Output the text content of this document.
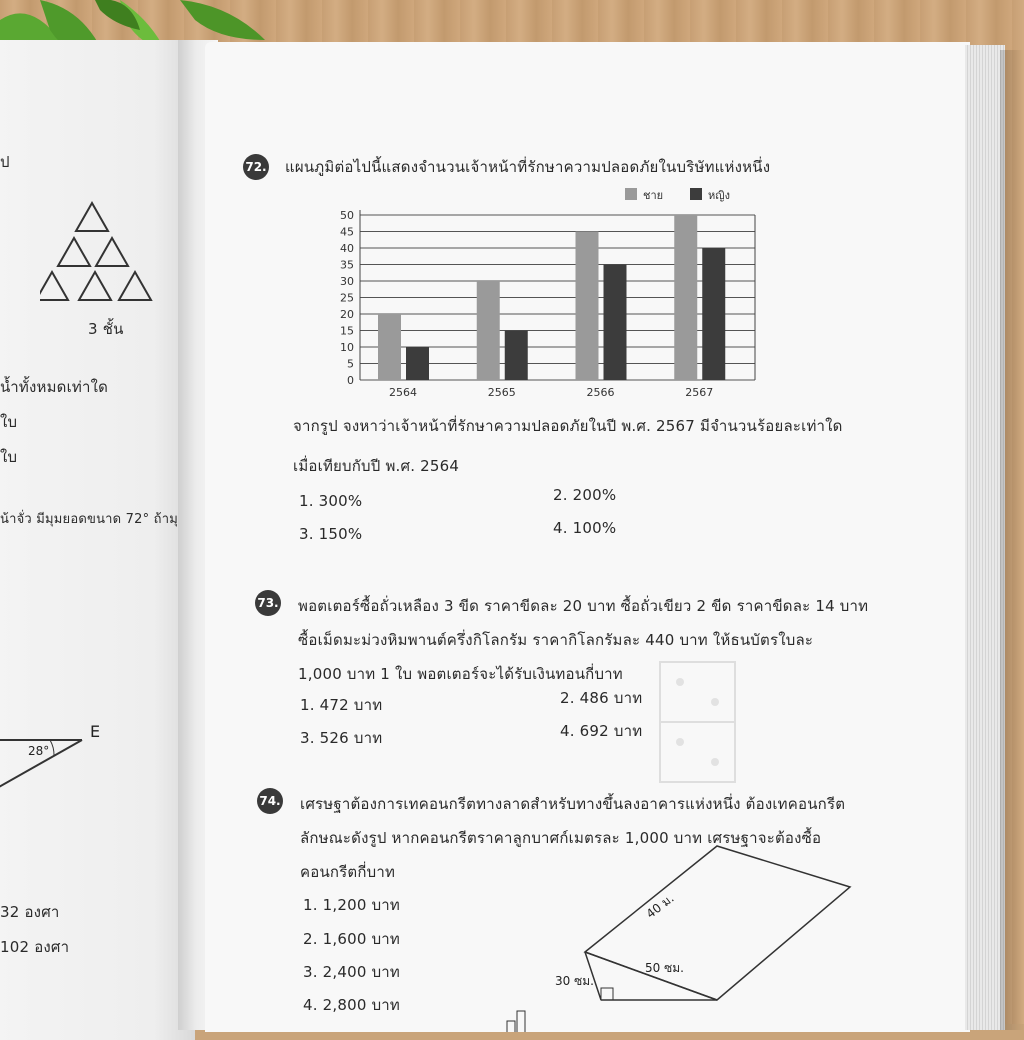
ป
3 ชั้น
น้ำทั้งหมดเท่าใด
ใบ
ใบ
น้าจั่ว มีมุมยอดขนาด 72° ถ้ามุ
E
28°
32 องศา
102 องศา
72. แผนภูมิต่อไปนี้แสดงจำนวนเจ้าหน้าที่รักษาความปลอดภัยในบริษัทแห่งหนึ่ง
0
5
10
15
20
25
30
35
40
45
50
2564	2565	2566	2567
ชาย	หญิง
จากรูป จงหาว่าเจ้าหน้าที่รักษาความปลอดภัยในปี พ.ศ. 2567 มีจำนวนร้อยละเท่าใด
เมื่อเทียบกับปี พ.ศ. 2564
1. 300%	2. 200%
3. 150%	4. 100%
73. พอตเตอร์ซื้อถั่วเหลือง 3 ขีด ราคาขีดละ 20 บาท ซื้อถั่วเขียว 2 ขีด ราคาขีดละ 14 บาท
ซื้อเม็ดมะม่วงหิมพานต์ครึ่งกิโลกรัม ราคากิโลกรัมละ 440 บาท ให้ธนบัตรใบละ
1,000 บาท 1 ใบ พอตเตอร์จะได้รับเงินทอนกี่บาท
1. 472 บาท	2. 486 บาท
3. 526 บาท	4. 692 บาท
74. เศรษฐาต้องการเทคอนกรีตทางลาดสำหรับทางขึ้นลงอาคารแห่งหนึ่ง ต้องเทคอนกรีต
ลักษณะดังรูป หากคอนกรีตราคาลูกบาศก์เมตรละ 1,000 บาท เศรษฐาจะต้องซื้อ
คอนกรีตกี่บาท
1. 1,200 บาท
2. 1,600 บาท
3. 2,400 บาท
4. 2,800 บาท
40 ม.
50 ซม.
30 ซม.
